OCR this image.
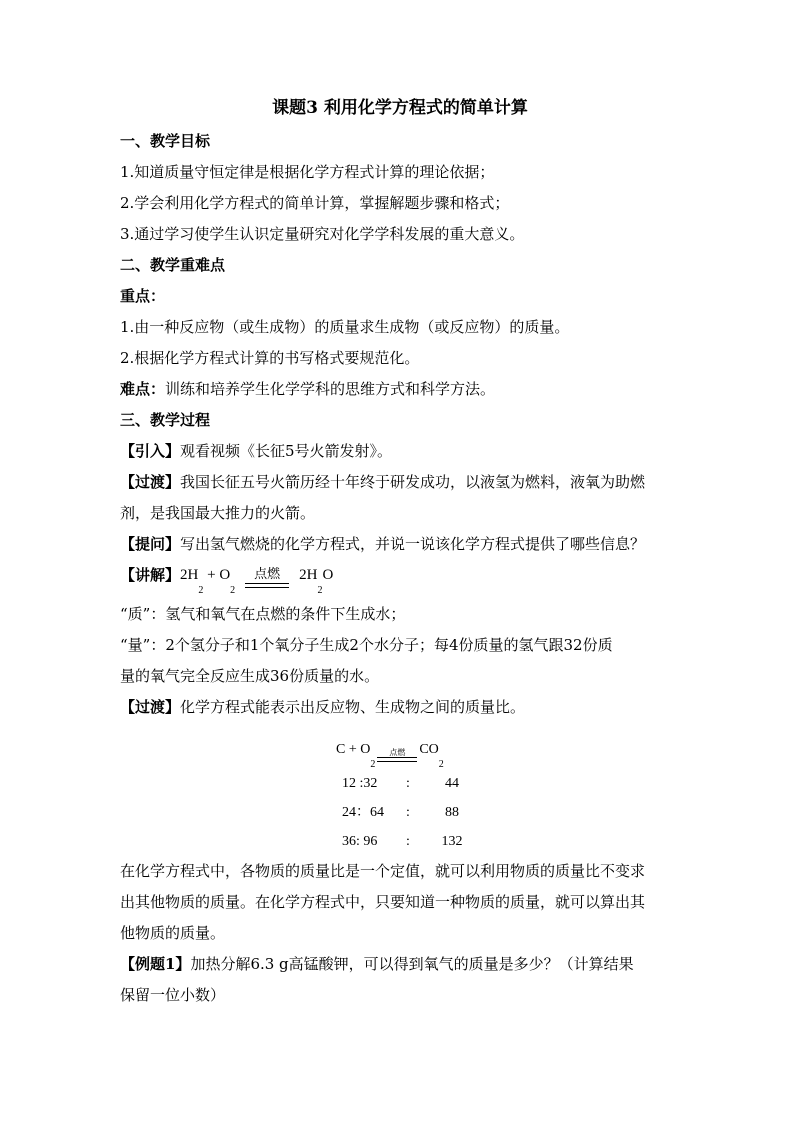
课题3 利用化学方程式的简单计算

一、教学目标

1.知道质量守恒定律是根据化学方程式计算的理论依据；

2.学会利用化学方程式的简单计算，掌握解题步骤和格式；

3.通过学习使学生认识定量研究对化学学科发展的重大意义。

二、教学重难点

重点：

1.由一种反应物（或生成物）的质量求生成物（或反应物）的质量。

2.根据化学方程式计算的书写格式要规范化。

难点：训练和培养学生化学学科的思维方式和科学方法。

三、教学过程

【引入】观看视频《长征5号火箭发射》。

【过渡】我国长征五号火箭历经十年终于研发成功，以液氢为燃料，液氧为助燃

剂，是我国最大推力的火箭。

【提问】写出氢气燃烧的化学方程式，并说一说该化学方程式提供了哪些信息？

【讲解】 2H
2
+ O
2
点燃 2H
2
O

“质”：氢气和氧气在点燃的条件下生成水；

“量”：2个氢分子和1个氧分子生成2个水分子；每4份质量的氢气跟32份质

量的氧气完全反应生成36份质量的水。

【过渡】化学方程式能表示出反应物、生成物之间的质量比。

C + O
2
点燃 CO
2
12 :32	:	44
24：64	:	88
36: 96	:	132

在化学方程式中，各物质的质量比是一个定值，就可以利用物质的质量比不变求

出其他物质的质量。在化学方程式中，只要知道一种物质的质量，就可以算出其

他物质的质量。

【例题1】加热分解6.3 g高锰酸钾，可以得到氧气的质量是多少？（计算结果

保留一位小数）
